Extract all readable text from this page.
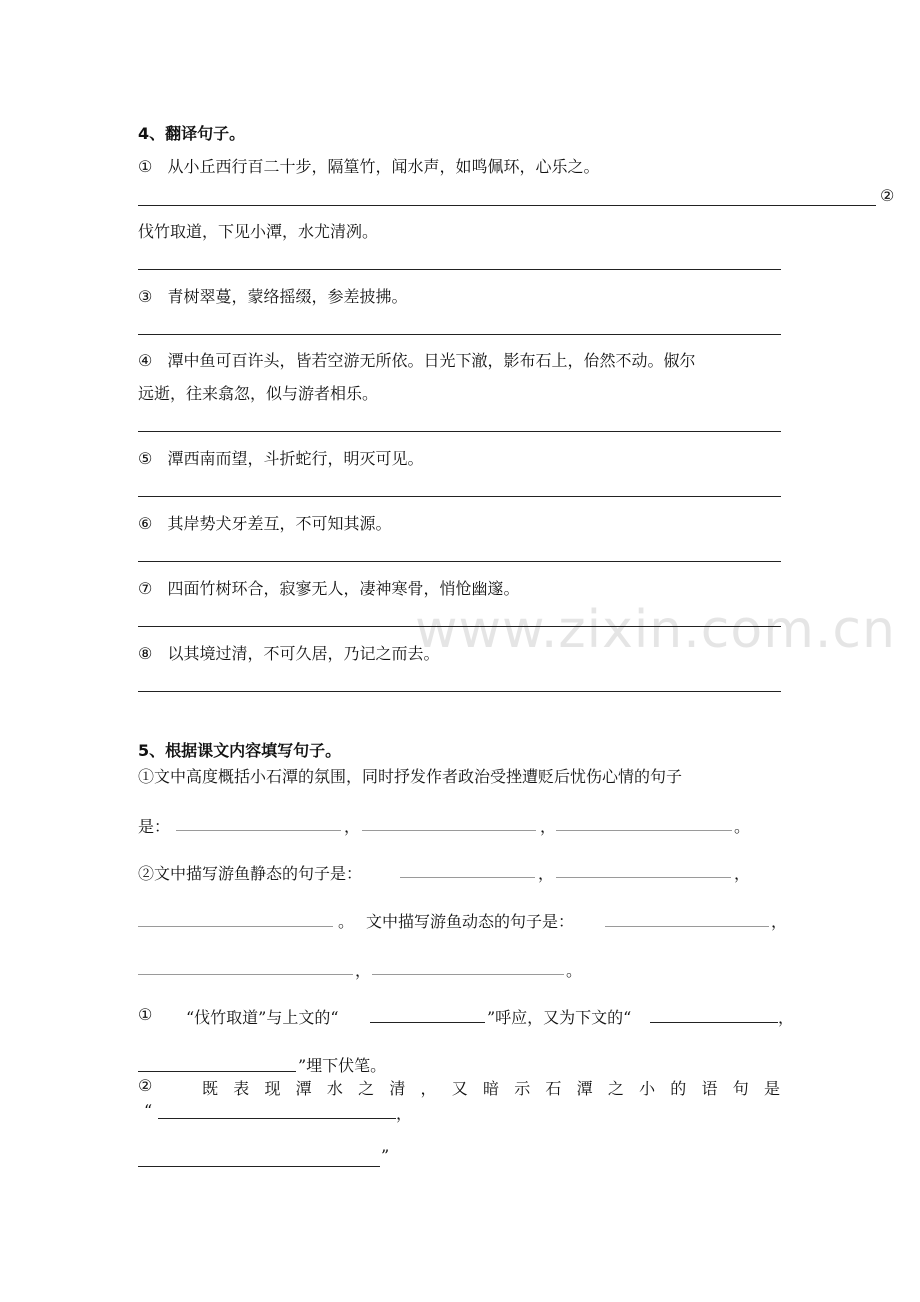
www.zixin.com.cn
4、翻译句子。
① 从小丘西行百二十步，隔篁竹，闻水声，如鸣佩环，心乐之。
②
伐竹取道，下见小潭，水尤清冽。
③ 青树翠蔓，蒙络摇缀，参差披拂。
④ 潭中鱼可百许头，皆若空游无所依。日光下澈，影布石上，佁然不动。俶尔
远逝，往来翕忽，似与游者相乐。
⑤ 潭西南而望，斗折蛇行，明灭可见。
⑥ 其岸势犬牙差互，不可知其源。
⑦ 四面竹树环合，寂寥无人，凄神寒骨，悄怆幽邃。
⑧ 以其境过清，不可久居，乃记之而去。
5、根据课文内容填写句子。
①文中高度概括小石潭的氛围，同时抒发作者政治受挫遭贬后忧伤心情的句子
是：	，	，	。
②文中描写游鱼静态的句子是：	，	，
。 文中描写游鱼动态的句子是：	，
，	。
① “伐竹取道”与上文的“	”呼应，又为下文的“	，
”埋下伏笔。
②	既 表 现 潭 水 之 清 ， 又 暗 示 石 潭 之 小 的 语 句 是
“	，
”
